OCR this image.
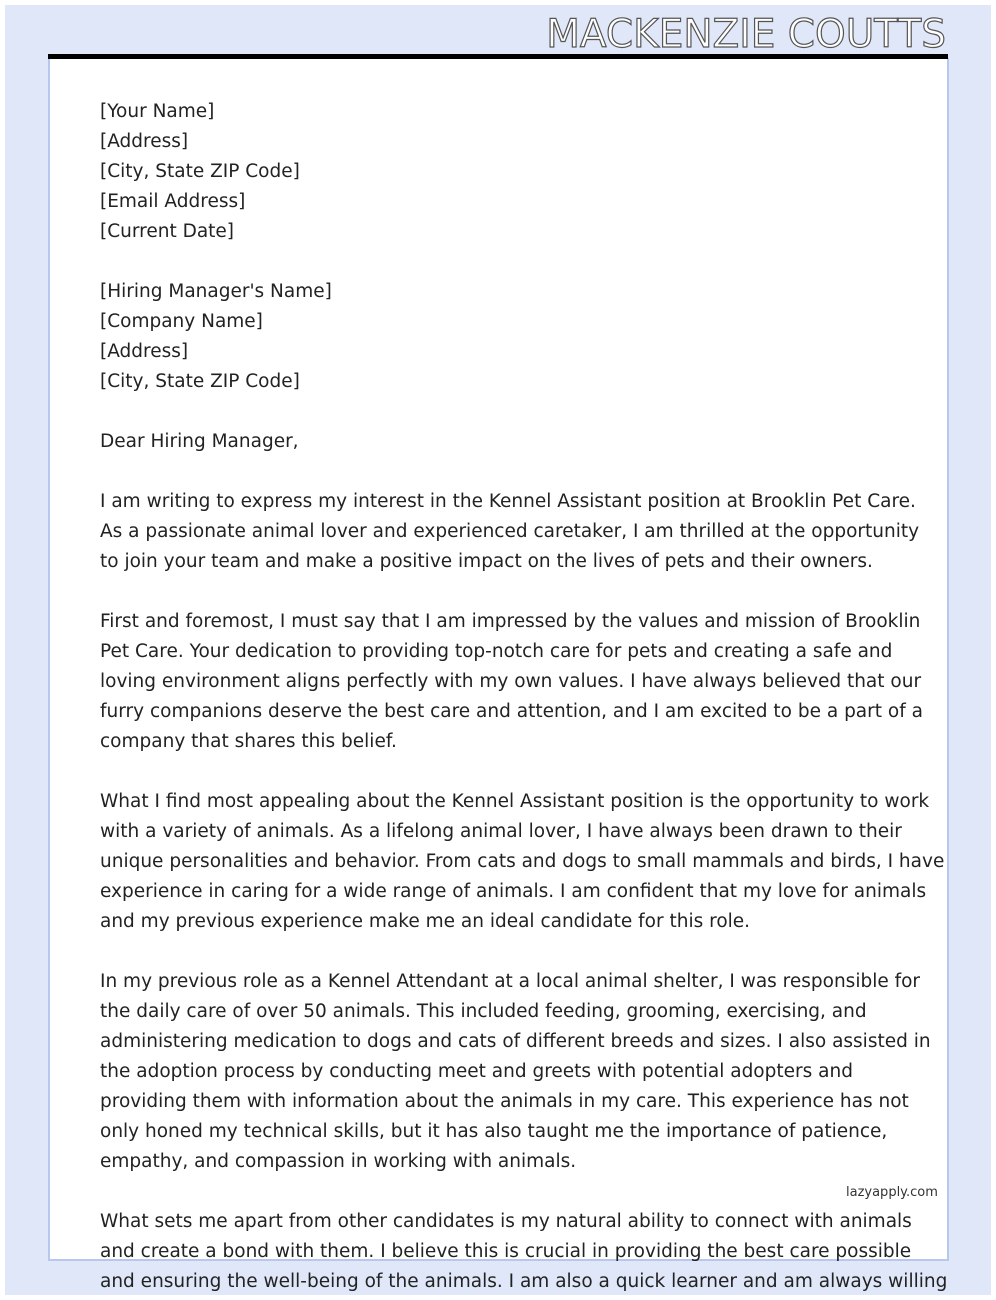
MACKENZIE COUTTS
[Your Name]
[Address]
[City, State ZIP Code]
[Email Address]
[Current Date]
[Hiring Manager's Name]
[Company Name]
[Address]
[City, State ZIP Code]
Dear Hiring Manager,
I am writing to express my interest in the Kennel Assistant position at Brooklin Pet Care.
As a passionate animal lover and experienced caretaker, I am thrilled at the opportunity
to join your team and make a positive impact on the lives of pets and their owners.
First and foremost, I must say that I am impressed by the values and mission of Brooklin
Pet Care. Your dedication to providing top-notch care for pets and creating a safe and
loving environment aligns perfectly with my own values. I have always believed that our
furry companions deserve the best care and attention, and I am excited to be a part of a
company that shares this belief.
What I find most appealing about the Kennel Assistant position is the opportunity to work
with a variety of animals. As a lifelong animal lover, I have always been drawn to their
unique personalities and behavior. From cats and dogs to small mammals and birds, I have
experience in caring for a wide range of animals. I am confident that my love for animals
and my previous experience make me an ideal candidate for this role.
In my previous role as a Kennel Attendant at a local animal shelter, I was responsible for
the daily care of over 50 animals. This included feeding, grooming, exercising, and
administering medication to dogs and cats of different breeds and sizes. I also assisted in
the adoption process by conducting meet and greets with potential adopters and
providing them with information about the animals in my care. This experience has not
only honed my technical skills, but it has also taught me the importance of patience,
empathy, and compassion in working with animals.
What sets me apart from other candidates is my natural ability to connect with animals
and create a bond with them. I believe this is crucial in providing the best care possible
and ensuring the well-being of the animals. I am also a quick learner and am always willing
lazyapply.com
